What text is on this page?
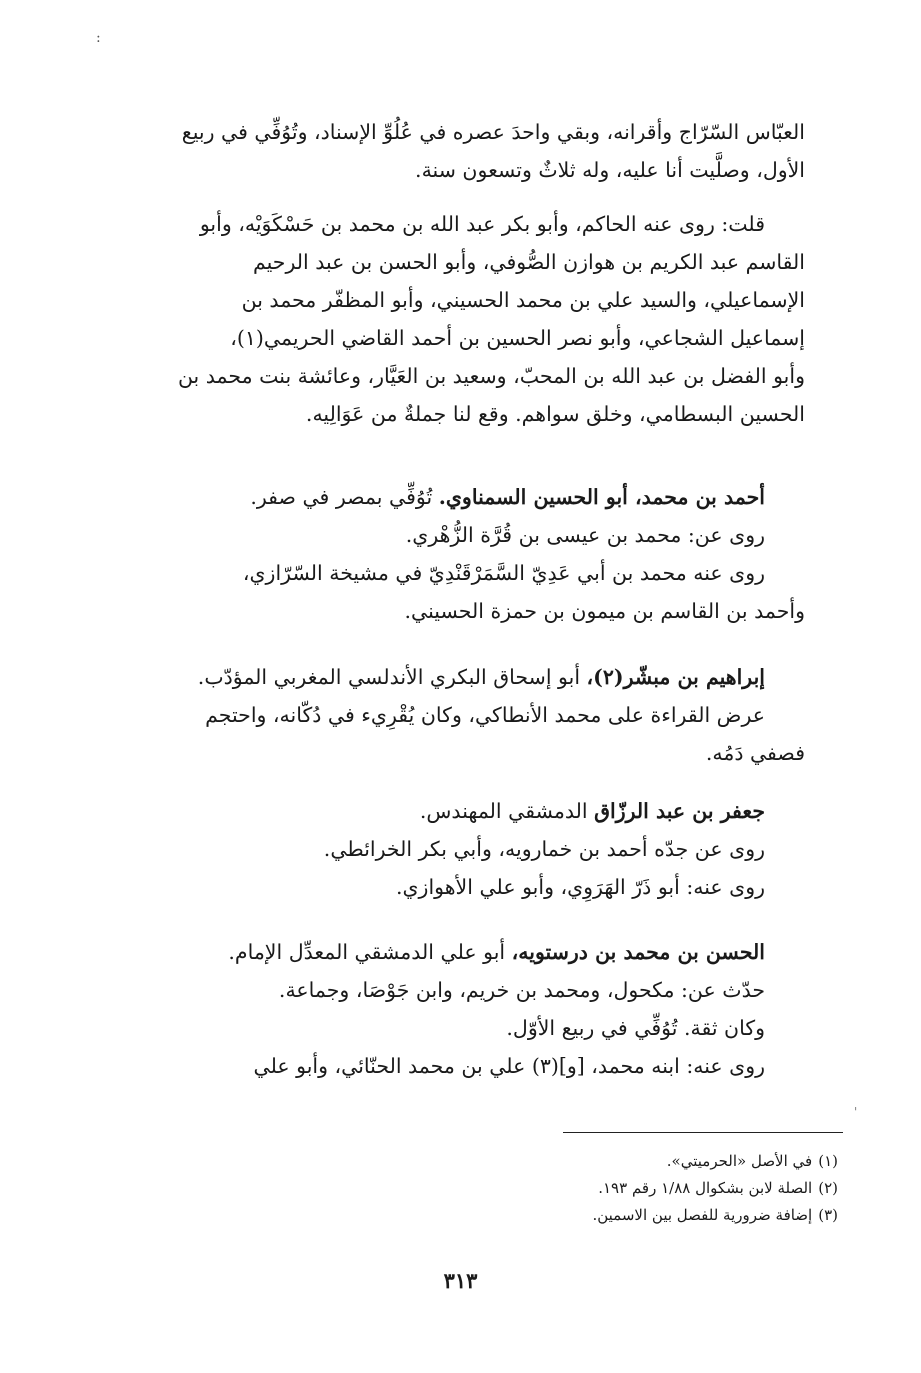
:
'

العبّاس السّرّاج وأقرانه، وبقي واحدَ عصره في عُلُوِّ الإسناد، وتُوُفِّي في ربيع

الأول، وصلَّيت أنا عليه، وله ثلاثٌ وتسعون سنة.

قلت: روى عنه الحاكم، وأبو بكر عبد الله بن محمد بن حَسْكَوَيْه، وأبو

القاسم عبد الكريم بن هوازن الصُّوفي، وأبو الحسن بن عبد الرحيم

الإسماعيلي، والسيد علي بن محمد الحسيني، وأبو المظفّر محمد بن

إسماعيل الشجاعي، وأبو نصر الحسين بن أحمد القاضي الحريمي(١)،

وأبو الفضل بن عبد الله بن المحبّ، وسعيد بن العَيَّار، وعائشة بنت محمد بن

الحسين البسطامي، وخلق سواهم. وقع لنا جملةٌ من عَوَالِيه.

أحمد بن محمد، أبو الحسين السمناوي. تُوُفِّي بمصر في صفر.

روى عن: محمد بن عيسى بن قُرَّة الزُّهْري.

روى عنه محمد بن أبي عَدِيّ السَّمَرْقَنْدِيّ في مشيخة السّرّازي،

وأحمد بن القاسم بن ميمون بن حمزة الحسيني.

إبراهيم بن مبشّر(٢)، أبو إسحاق البكري الأندلسي المغربي المؤدّب.

عرض القراءة على محمد الأنطاكي، وكان يُقْرِيء في دُكّانه، واحتجم

فصفي دَمُه.

جعفر بن عبد الرزّاق الدمشقي المهندس.

روى عن جدّه أحمد بن خمارويه، وأبي بكر الخرائطي.

روى عنه: أبو ذَرّ الهَرَوِي، وأبو علي الأهوازي.

الحسن بن محمد بن درستويه، أبو علي الدمشقي المعدِّل الإمام.

حدّث عن: مكحول، ومحمد بن خريم، وابن جَوْصَا، وجماعة.

وكان ثقة. تُوُفِّي في ربيع الأوّل.

روى عنه: ابنه محمد، [و](٣) علي بن محمد الحنّائي، وأبو علي

(١)في الأصل «الحرميتي».
(٢)الصلة لابن بشكوال ١/٨٨ رقم ١٩٣.
(٣)إضافة ضرورية للفصل بين الاسمين.
٣١٣
